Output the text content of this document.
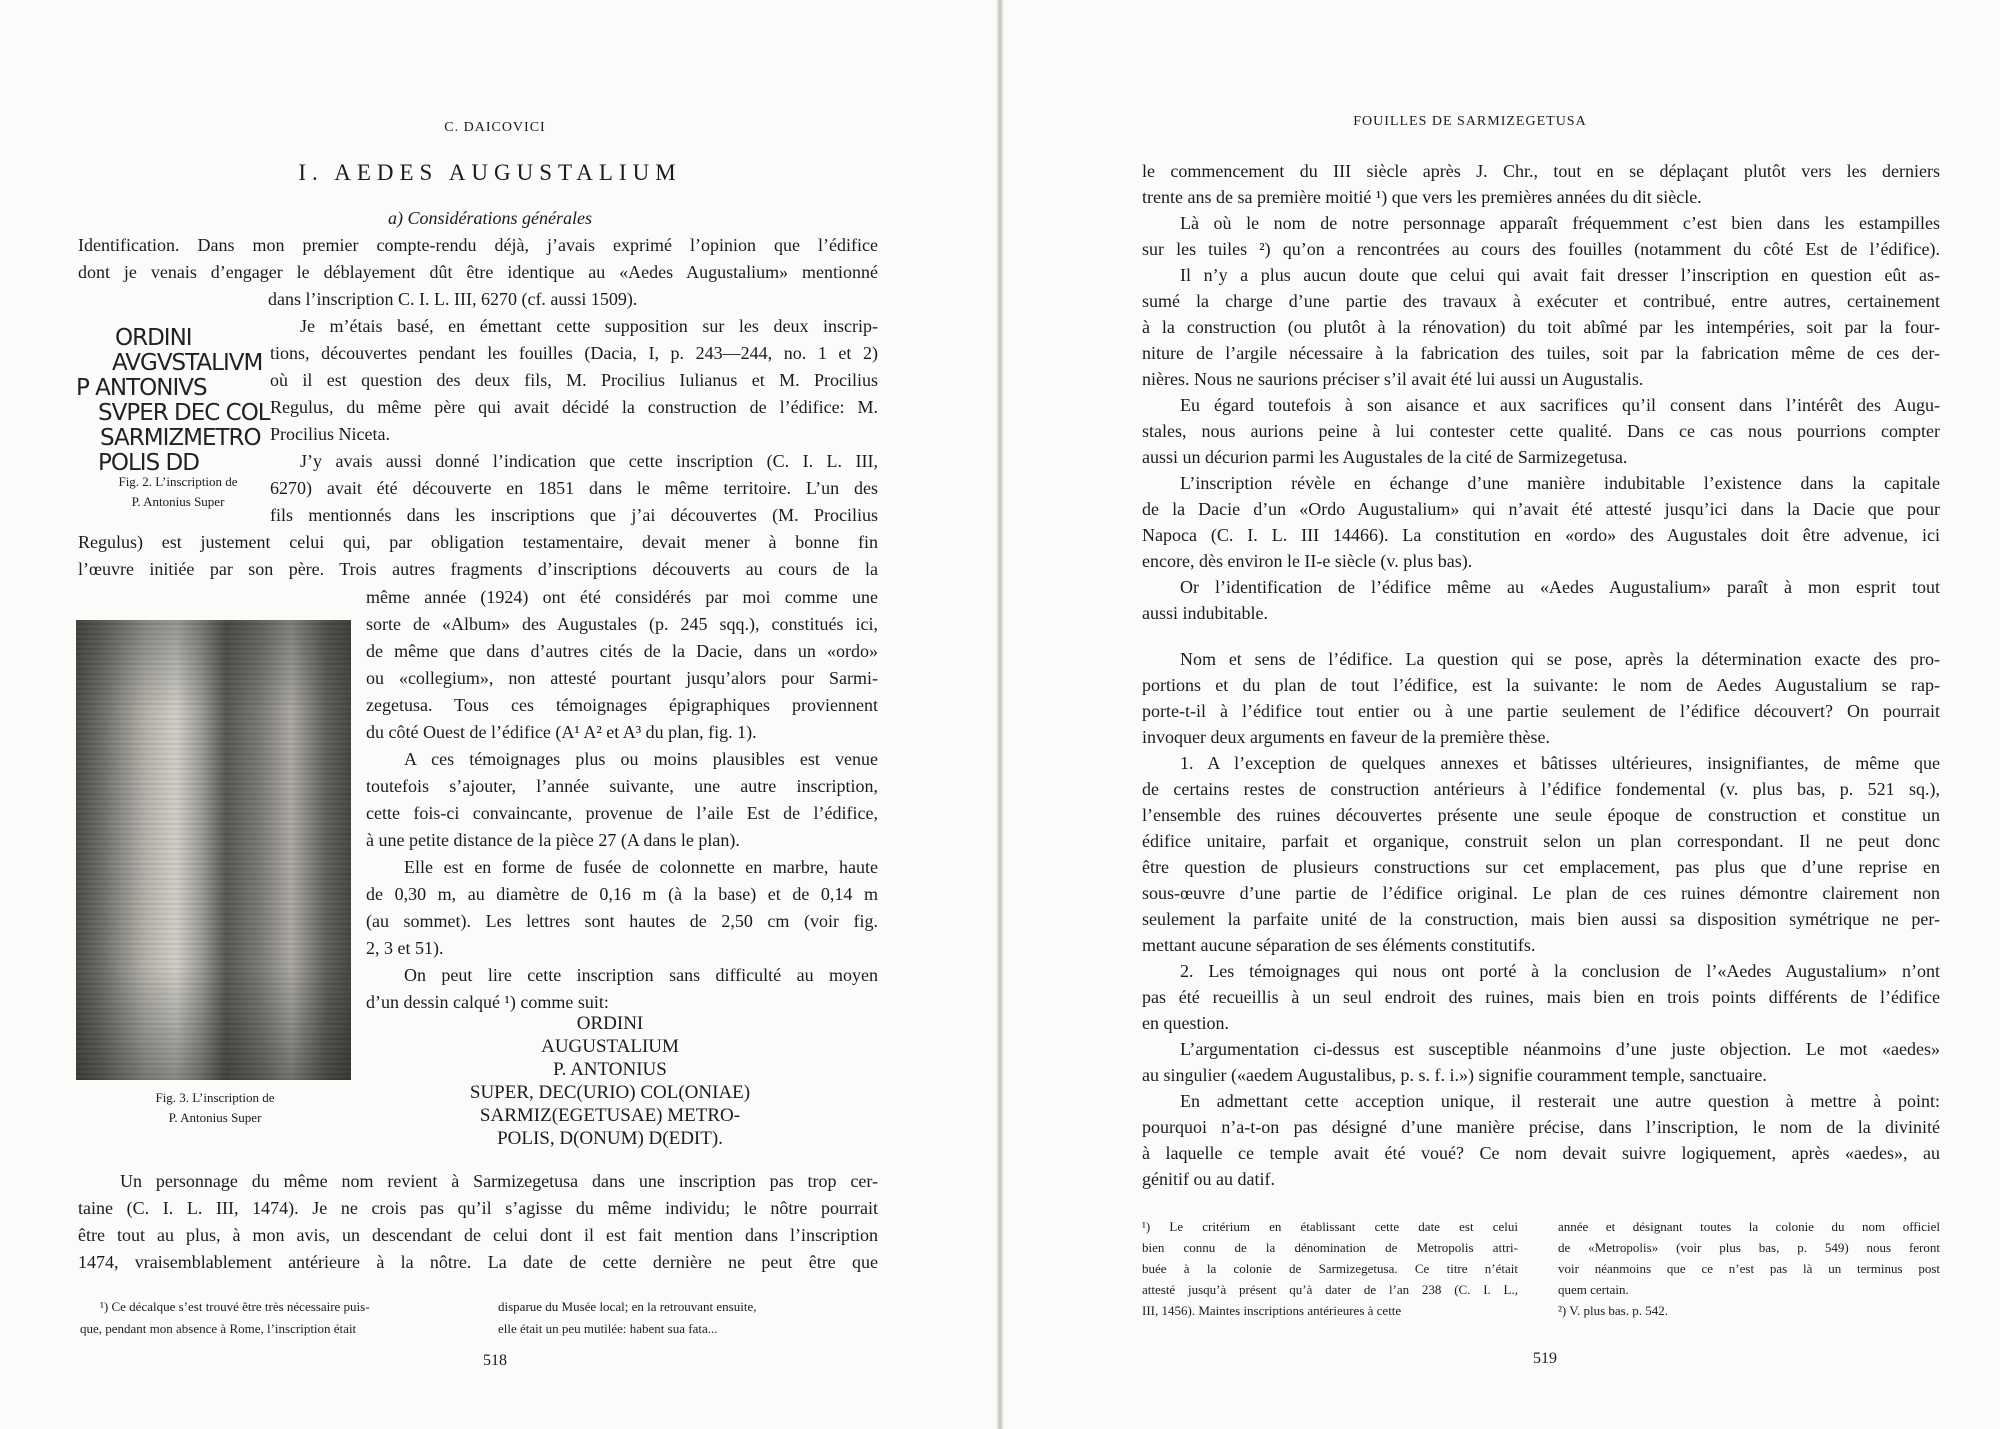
C. DAICOVICI
I. AEDES AUGUSTALIUM
a) Considérations générales
Identification. Dans mon premier compte-rendu déjà, j’avais exprimé l’opinion que l’édifice
dont je venais d’engager le déblayement dût être identique au «Aedes Augustalium» mentionné
dans l’inscription C. I. L. III, 6270 (cf. aussi 1509).
Je m’étais basé, en émettant cette supposition sur les deux inscrip-
tions, découvertes pendant les fouilles (Dacia, I, p. 243—244, no. 1 et 2)
où il est question des deux fils, M. Procilius Iulianus et M. Procilius
Regulus, du même père qui avait décidé la construction de l’édifice: M.
Procilius Niceta.
J’y avais aussi donné l’indication que cette inscription (C. I. L. III,
6270) avait été découverte en 1851 dans le même territoire. L’un des
fils mentionnés dans les inscriptions que j’ai découvertes (M. Procilius
Regulus) est justement celui qui, par obligation testamentaire, devait mener à bonne fin
l’œuvre initiée par son père. Trois autres fragments d’inscriptions découverts au cours de la
même année (1924) ont été considérés par moi comme une
sorte de «Album» des Augustales (p. 245 sqq.), constitués ici,
de même que dans d’autres cités de la Dacie, dans un «ordo»
ou «collegium», non attesté pourtant jusqu’alors pour Sarmi-
zegetusa. Tous ces témoignages épigraphiques proviennent
du côté Ouest de l’édifice (A¹ A² et A³ du plan, fig. 1).
A ces témoignages plus ou moins plausibles est venue
toutefois s’ajouter, l’année suivante, une autre inscription,
cette fois-ci convaincante, provenue de l’aile Est de l’édifice,
à une petite distance de la pièce 27 (A dans le plan).
Elle est en forme de fusée de colonnette en marbre, haute
de 0,30 m, au diamètre de 0,16 m (à la base) et de 0,14 m
(au sommet). Les lettres sont hautes de 2,50 cm (voir fig.
2, 3 et 51).
On peut lire cette inscription sans difficulté au moyen
d’un dessin calqué ¹) comme suit:
ORDINI
AVGVSTALIVM
P ANTONIVS
SVPER DEC COL
SARMIZMETRO
POLIS DD
Fig. 2. L’inscription de
P. Antonius Super
Fig. 3. L’inscription de
P. Antonius Super
ORDINI
AUGUSTALIUM
P. ANTONIUS
SUPER, DEC(URIO) COL(ONIAE)
SARMIZ(EGETUSAE) METRO-
POLIS, D(ONUM) D(EDIT).
Un personnage du même nom revient à Sarmizegetusa dans une inscription pas trop cer-
taine (C. I. L. III, 1474). Je ne crois pas qu’il s’agisse du même individu; le nôtre pourrait
être tout au plus, à mon avis, un descendant de celui dont il est fait mention dans l’inscription
1474, vraisemblablement antérieure à la nôtre. La date de cette dernière ne peut être que
¹) Ce décalque s’est trouvé être très nécessaire puis-
que, pendant mon absence à Rome, l’inscription était
disparue du Musée local; en la retrouvant ensuite,
elle était un peu mutilée: habent sua fata...
518
FOUILLES DE SARMIZEGETUSA
le commencement du III siècle après J. Chr., tout en se déplaçant plutôt vers les derniers
trente ans de sa première moitié ¹) que vers les premières années du dit siècle.
Là où le nom de notre personnage apparaît fréquemment c’est bien dans les estampilles
sur les tuiles ²) qu’on a rencontrées au cours des fouilles (notamment du côté Est de l’édifice).
Il n’y a plus aucun doute que celui qui avait fait dresser l’inscription en question eût as-
sumé la charge d’une partie des travaux à exécuter et contribué, entre autres, certainement
à la construction (ou plutôt à la rénovation) du toit abîmé par les intempéries, soit par la four-
niture de l’argile nécessaire à la fabrication des tuiles, soit par la fabrication même de ces der-
nières. Nous ne saurions préciser s’il avait été lui aussi un Augustalis.
Eu égard toutefois à son aisance et aux sacrifices qu’il consent dans l’intérêt des Augu-
stales, nous aurions peine à lui contester cette qualité. Dans ce cas nous pourrions compter
aussi un décurion parmi les Augustales de la cité de Sarmizegetusa.
L’inscription révèle en échange d’une manière indubitable l’existence dans la capitale
de la Dacie d’un «Ordo Augustalium» qui n’avait été attesté jusqu’ici dans la Dacie que pour
Napoca (C. I. L. III 14466). La constitution en «ordo» des Augustales doit être advenue, ici
encore, dès environ le II-e siècle (v. plus bas).
Or l’identification de l’édifice même au «Aedes Augustalium» paraît à mon esprit tout
aussi indubitable.
Nom et sens de l’édifice. La question qui se pose, après la détermination exacte des pro-
portions et du plan de tout l’édifice, est la suivante: le nom de Aedes Augustalium se rap-
porte-t-il à l’édifice tout entier ou à une partie seulement de l’édifice découvert? On pourrait
invoquer deux arguments en faveur de la première thèse.
1. A l’exception de quelques annexes et bâtisses ultérieures, insignifiantes, de même que
de certains restes de construction antérieurs à l’édifice fondemental (v. plus bas, p. 521 sq.),
l’ensemble des ruines découvertes présente une seule époque de construction et constitue un
édifice unitaire, parfait et organique, construit selon un plan correspondant. Il ne peut donc
être question de plusieurs constructions sur cet emplacement, pas plus que d’une reprise en
sous-œuvre d’une partie de l’édifice original. Le plan de ces ruines démontre clairement non
seulement la parfaite unité de la construction, mais bien aussi sa disposition symétrique ne per-
mettant aucune séparation de ses éléments constitutifs.
2. Les témoignages qui nous ont porté à la conclusion de l’«Aedes Augustalium» n’ont
pas été recueillis à un seul endroit des ruines, mais bien en trois points différents de l’édifice
en question.
L’argumentation ci-dessus est susceptible néanmoins d’une juste objection. Le mot «aedes»
au singulier («aedem Augustalibus, p. s. f. i.») signifie couramment temple, sanctuaire.
En admettant cette acception unique, il resterait une autre question à mettre à point:
pourquoi n’a-t-on pas désigné d’une manière précise, dans l’inscription, le nom de la divinité
à laquelle ce temple avait été voué? Ce nom devait suivre logiquement, après «aedes», au
génitif ou au datif.
¹) Le critérium en établissant cette date est celui
bien connu de la dénomination de Metropolis attri-
buée à la colonie de Sarmizegetusa. Ce titre n’était
attesté jusqu’à présent qu’à dater de l’an 238 (C. I. L.,
III, 1456). Maintes inscriptions antérieures à cette
année et désignant toutes la colonie du nom officiel
de «Metropolis» (voir plus bas, p. 549) nous feront
voir néanmoins que ce n’est pas là un terminus post
quem certain.
²) V. plus bas. p. 542.
519
